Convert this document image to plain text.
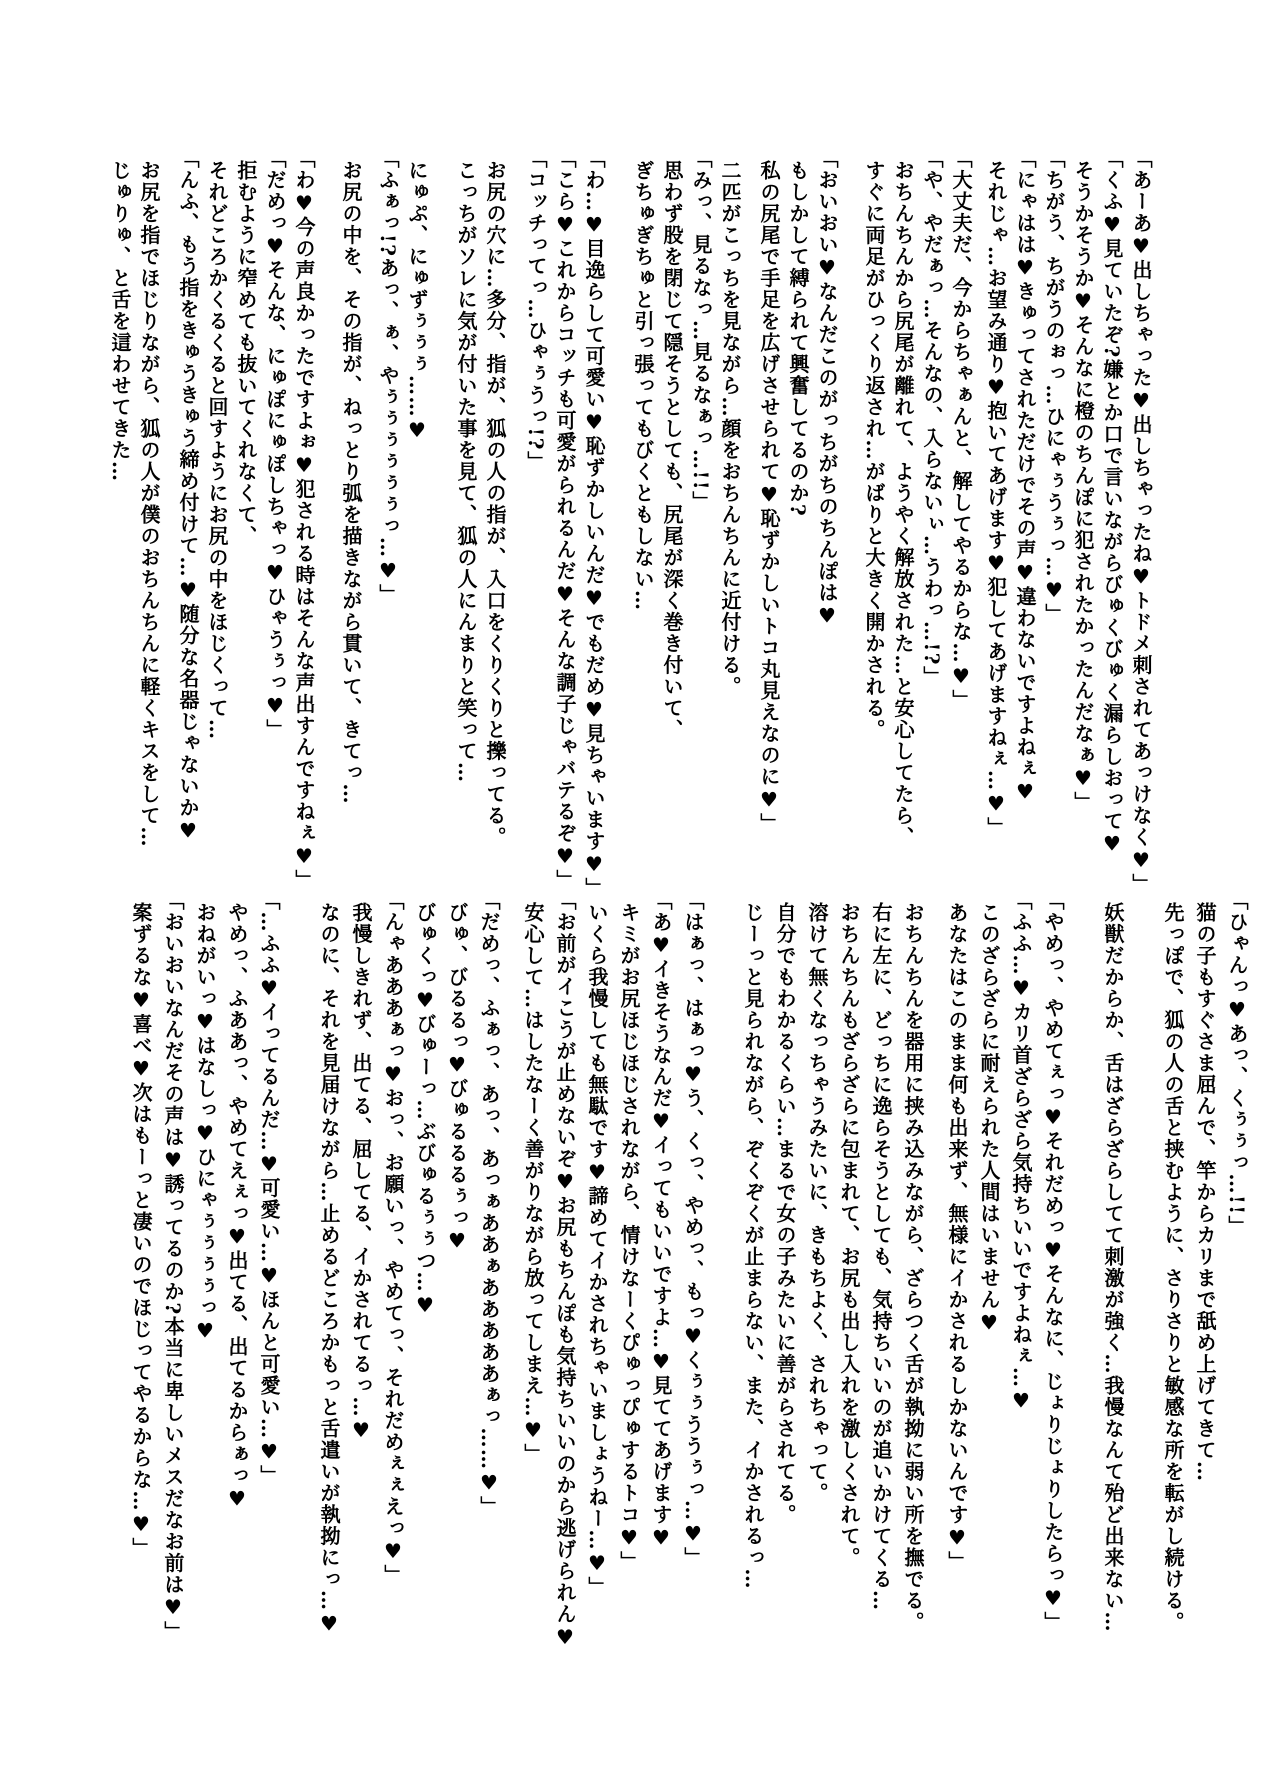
「あーあ♥出しちゃった♥出しちゃったね♥トドメ刺されてあっけなく♥」
「くふ♥見ていたぞ?嫌とか口で言いながらびゅくびゅく漏らしおって♥
そうかそうか♥そんなに橙のちんぽに犯されたかったんだなぁ♥」
「ちがう、ちがうのぉっ…ひにゃぅうぅっ…♥」
「にゃはは♥きゅってされただけでその声♥違わないですよねぇ♥
それじゃ…お望み通り♥抱いてあげます♥犯してあげますねぇ…♥」
「大丈夫だ、今からちゃぁんと、解してやるからな…♥」
「や、やだぁっ…そんなの、入らないぃ…うわっ…!?」
おちんちんから尻尾が離れて、ようやく解放された…と安心してたら、
すぐに両足がひっくり返され…がばりと大きく開かされる。
「おいおい♥なんだこのがっちがちのちんぽは♥
もしかして縛られて興奮してるのか?
私の尻尾で手足を広げさせられて♥恥ずかしいトコ丸見えなのに♥」
二匹がこっちを見ながら…顔をおちんちんに近付ける。
「みっ、見るなっ…見るなぁっ…!!」
思わず股を閉じて隠そうとしても、尻尾が深く巻き付いて、
ぎちゅぎちゅと引っ張ってもびくともしない…
「わ…♥目逸らして可愛い♥恥ずかしいんだ♥でもだめ♥見ちゃいます♥」
「こら♥これからコッチも可愛がられるんだ♥そんな調子じゃバテるぞ♥」
「コッチってっ…ひゃぅうっ!?」
お尻の穴に…多分、指が、狐の人の指が、入口をくりくりと擽ってる。
こっちがソレに気が付いた事を見て、狐の人にんまりと笑って…
にゅぷ、にゅずぅぅぅ……♥
「ふぁっ!?あっ、ぁ、やぅぅぅぅぅぅっ…♥」
お尻の中を、その指が、ねっとり弧を描きながら貫いて、きてっ…
「わ♥今の声良かったですよぉ♥犯される時はそんな声出すんですねぇ♥」
「だめっ♥そんな、にゅぽにゅぽしちゃっ♥ひゃうぅっ♥」
拒むように窄めても抜いてくれなくて、
それどころかくるくると回すようにお尻の中をほじくって…
「んふ、もう指をきゅうきゅう締め付けて…♥随分な名器じゃないか♥
お尻を指でほじりながら、狐の人が僕のおちんちんに軽くキスをして…
じゅりゅ、と舌を這わせてきた…
「ひゃんっ♥あっ、くぅぅっ…!!」
猫の子もすぐさま屈んで、竿からカリまで舐め上げてきて…
先っぽで、狐の人の舌と挟むように、さりさりと敏感な所を転がし続ける。
妖獣だからか、舌はざらざらしてて刺激が強く…我慢なんて殆ど出来ない…
「やめっ、やめてぇっ♥それだめっ♥そんなに、じょりじょりしたらっ♥」
「ふふ…♥カリ首ざらざら気持ちいいですよねぇ…♥
このざらざらに耐えられた人間はいません♥
あなたはこのまま何も出来ず、無様にイかされるしかないんです♥」
おちんちんを器用に挟み込みながら、ざらつく舌が執拗に弱い所を撫でる。
右に左に、どっちに逸らそうとしても、気持ちいいのが追いかけてくる…
おちんちんもざらざらに包まれて、お尻も出し入れを激しくされて。
溶けて無くなっちゃうみたいに、きもちよく、されちゃって。
自分でもわかるくらい…まるで女の子みたいに善がらされてる。
じーっと見られながら、ぞくぞくが止まらない、また、イかされるっ…
「はぁっ、はぁっ♥う、くっ、やめっ、もっ♥くぅぅううぅっ…♥」
「あ♥イきそうなんだ♥イってもいいですよ…♥見ててあげます♥
キミがお尻ほじほじされながら、情けなーくぴゅっぴゅするトコ♥」
いくら我慢しても無駄です♥諦めてイかされちゃいましょうねー…♥」
「お前がイこうが止めないぞ♥お尻もちんぽも気持ちいいのから逃げられん♥
安心して…はしたなーく善がりながら放ってしまえ…♥」
「だめっ、ふぁっ、あっ、あっぁああぁあああああぁっ……♥」
びゅ、びるるっ♥びゅるるるぅっ♥
びゅくっ♥びゅーっ…ぶびゅるぅぅつ…♥
「んゃあああぁっ♥おっ、お願いっ、やめてっ、それだめぇぇえっ♥」
我慢しきれず、出てる、屈してる、イかされてるっ…♥
なのに、それを見届けながら…止めるどころかもっと舌遣いが執拗にっ…♥
「…ふふ♥イってるんだ…♥可愛い…♥ほんと可愛い…♥」
やめっ、ふああっ、やめてえぇっ♥出てる、出てるからぁっ♥
おねがいっ♥はなしっ♥ひにゃぅぅぅぅっ♥
「おいおいなんだその声は♥誘ってるのか?本当に卑しいメスだなお前は♥」
案ずるな♥喜べ♥次はもーっと凄いのでほじってやるからな…♥」
